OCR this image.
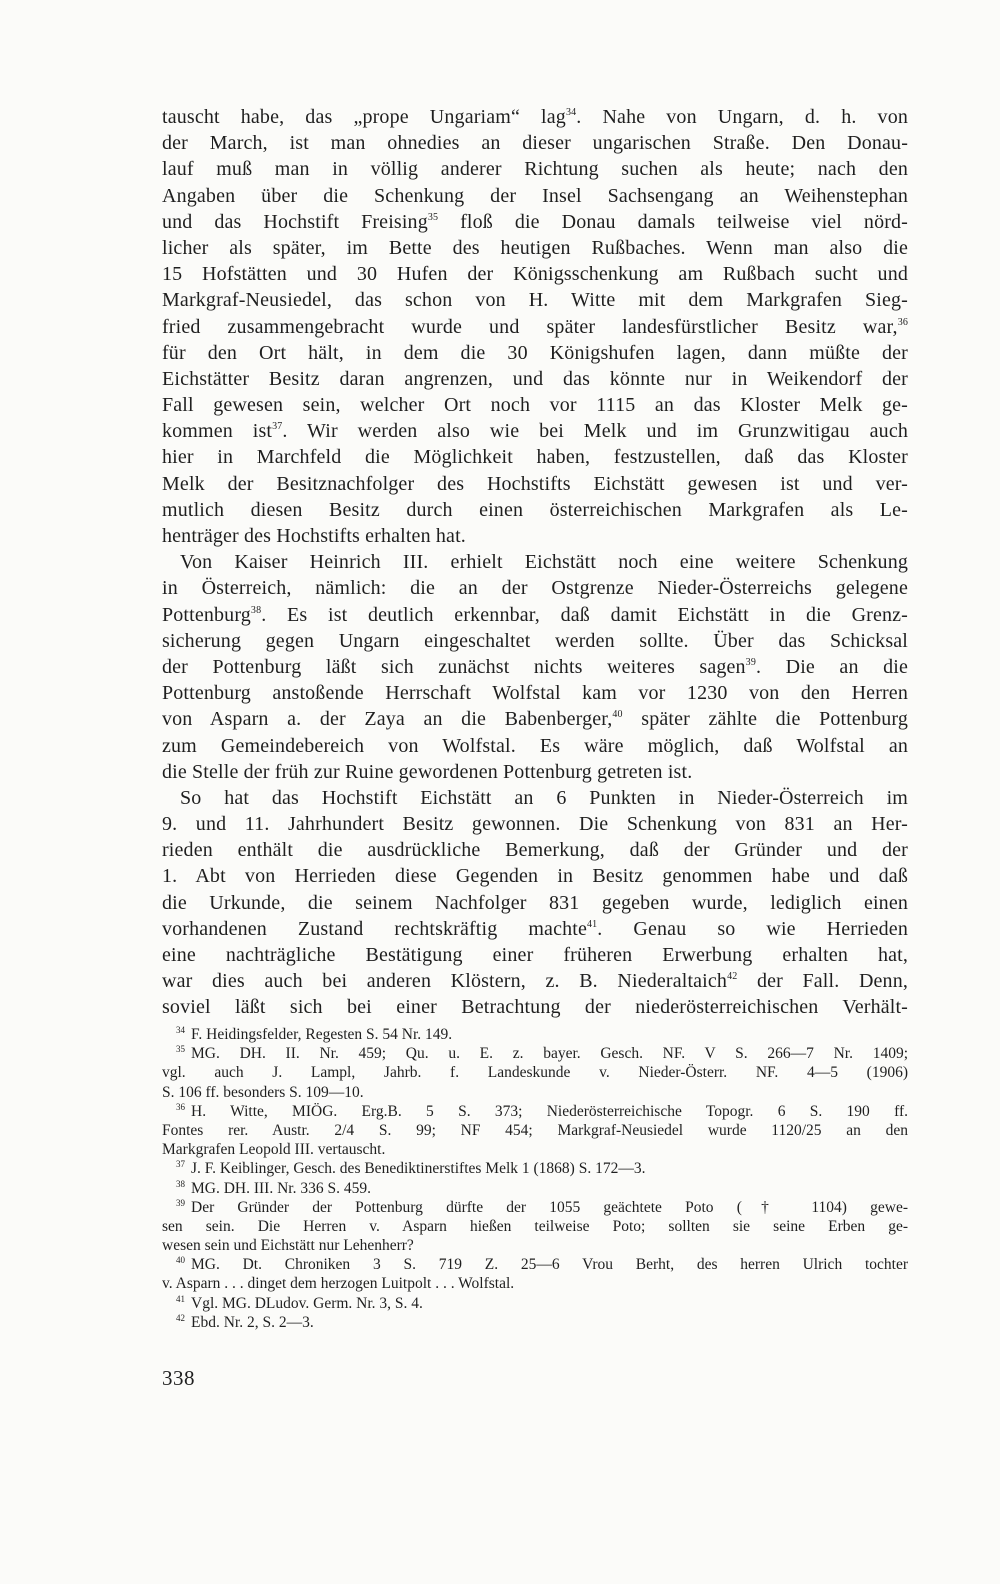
tauscht habe, das „prope Ungariam“ lag$^{34}$. Nahe von Ungarn, d. h. von
der March, ist man ohnedies an dieser ungarischen Straße. Den Donau-
lauf muß man in völlig anderer Richtung suchen als heute; nach den
Angaben über die Schenkung der Insel Sachsengang an Weihenstephan
und das Hochstift Freising$^{35}$ floß die Donau damals teilweise viel nörd-
licher als später, im Bette des heutigen Rußbaches. Wenn man also die
15 Hofstätten und 30 Hufen der Königsschenkung am Rußbach sucht und
Markgraf-Neusiedel, das schon von H. Witte mit dem Markgrafen Sieg-
fried zusammengebracht wurde und später landesfürstlicher Besitz war,$^{36}$
für den Ort hält, in dem die 30 Königshufen lagen, dann müßte der
Eichstätter Besitz daran angrenzen, und das könnte nur in Weikendorf der
Fall gewesen sein, welcher Ort noch vor 1115 an das Kloster Melk ge-
kommen ist$^{37}$. Wir werden also wie bei Melk und im Grunzwitigau auch
hier in Marchfeld die Möglichkeit haben, festzustellen, daß das Kloster
Melk der Besitznachfolger des Hochstifts Eichstätt gewesen ist und ver-
mutlich diesen Besitz durch einen österreichischen Markgrafen als Le-
henträger des Hochstifts erhalten hat.
Von Kaiser Heinrich III. erhielt Eichstätt noch eine weitere Schenkung
in Österreich, nämlich: die an der Ostgrenze Nieder-Österreichs gelegene
Pottenburg$^{38}$. Es ist deutlich erkennbar, daß damit Eichstätt in die Grenz-
sicherung gegen Ungarn eingeschaltet werden sollte. Über das Schicksal
der Pottenburg läßt sich zunächst nichts weiteres sagen$^{39}$. Die an die
Pottenburg anstoßende Herrschaft Wolfstal kam vor 1230 von den Herren
von Asparn a. der Zaya an die Babenberger,$^{40}$ später zählte die Pottenburg
zum Gemeindebereich von Wolfstal. Es wäre möglich, daß Wolfstal an
die Stelle der früh zur Ruine gewordenen Pottenburg getreten ist.
So hat das Hochstift Eichstätt an 6 Punkten in Nieder-Österreich im
9. und 11. Jahrhundert Besitz gewonnen. Die Schenkung von 831 an Her-
rieden enthält die ausdrückliche Bemerkung, daß der Gründer und der
1. Abt von Herrieden diese Gegenden in Besitz genommen habe und daß
die Urkunde, die seinem Nachfolger 831 gegeben wurde, lediglich einen
vorhandenen Zustand rechtskräftig machte$^{41}$. Genau so wie Herrieden
eine nachträgliche Bestätigung einer früheren Erwerbung erhalten hat,
war dies auch bei anderen Klöstern, z. B. Niederaltaich$^{42}$ der Fall. Denn,
soviel läßt sich bei einer Betrachtung der niederösterreichischen Verhält-
$^{34}$ F. Heidingsfelder, Regesten S. 54 Nr. 149.
$^{35}$ MG. DH. II. Nr. 459; Qu. u. E. z. bayer. Gesch. NF. V S. 266—7 Nr. 1409;
vgl. auch J. Lampl, Jahrb. f. Landeskunde v. Nieder-Österr. NF. 4—5 (1906)
S. 106 ff. besonders S. 109—10.
$^{36}$ H. Witte, MIÖG. Erg.B. 5 S. 373; Niederösterreichische Topogr. 6 S. 190 ff.
Fontes rer. Austr. 2/4 S. 99; NF 454; Markgraf-Neusiedel wurde 1120/25 an den
Markgrafen Leopold III. vertauscht.
$^{37}$ J. F. Keiblinger, Gesch. des Benediktinerstiftes Melk 1 (1868) S. 172—3.
$^{38}$ MG. DH. III. Nr. 336 S. 459.
$^{39}$ Der Gründer der Pottenburg dürfte der 1055 geächtete Poto († 1104) gewe-
sen sein. Die Herren v. Asparn hießen teilweise Poto; sollten sie seine Erben ge-
wesen sein und Eichstätt nur Lehenherr?
$^{40}$ MG. Dt. Chroniken 3 S. 719 Z. 25—6 Vrou Berht, des herren Ulrich tochter
v. Asparn . . . dinget dem herzogen Luitpolt . . . Wolfstal.
$^{41}$ Vgl. MG. DLudov. Germ. Nr. 3, S. 4.
$^{42}$ Ebd. Nr. 2, S. 2—3.
338
